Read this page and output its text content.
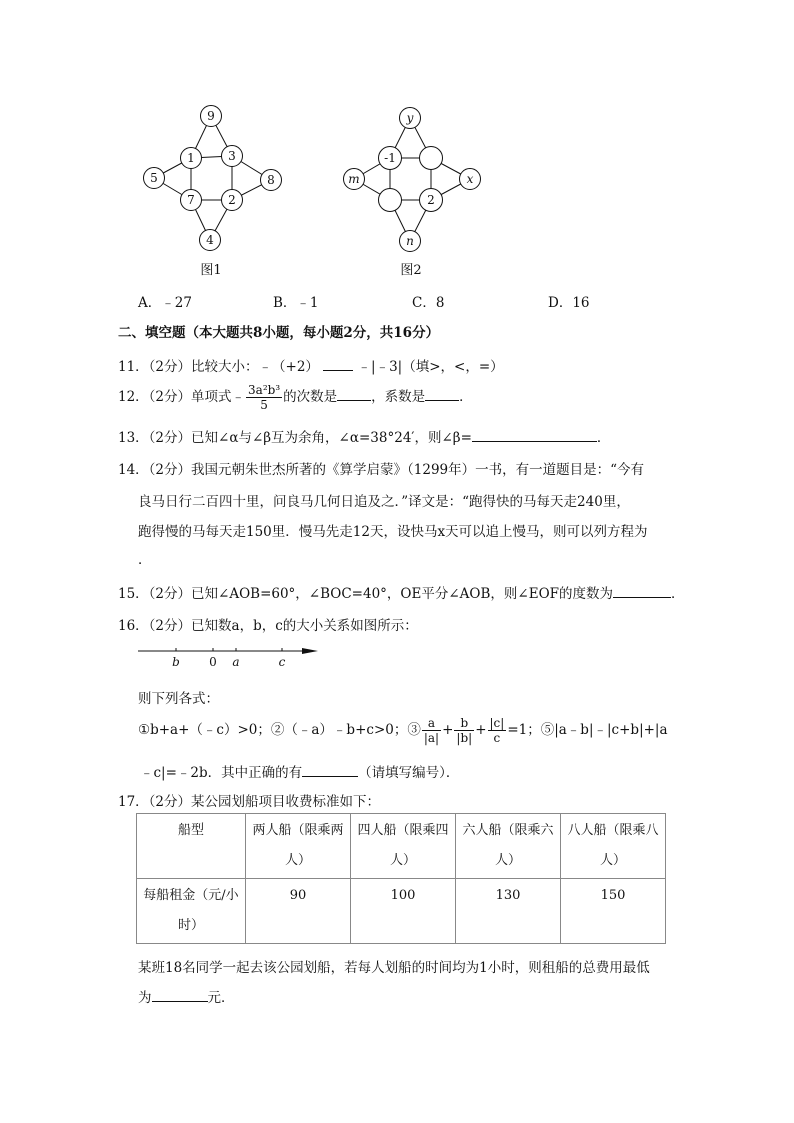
9
1	3
5
7	2
8
4
图1
y
-1
m
2
x
n
图2
A．﹣27	B．﹣1	C．8	D．16
二、填空题（本大题共8小题，每小题2分，共16分）
11．（2分）比较大小：﹣（+2）	﹣|﹣3|（填>，<，=）
12．（2分）单项式﹣ $\frac{\text{3a²b³}}{5}$ 的次数是	，系数是	．
13．（2分）已知∠α与∠β互为余角，∠α=38°24′，则∠β=	．
14．（2分）我国元朝朱世杰所著的《算学启蒙》（1299年）一书，有一道题目是：“今有
良马日行二百四十里，问良马几何日追及之．”译文是：“跑得快的马每天走240里，
跑得慢的马每天走150里．慢马先走12天，设快马x天可以追上慢马，则可以列方程为
．
15．（2分）已知∠AOB=60°，∠BOC=40°，OE平分∠AOB，则∠EOF的度数为	．
16．（2分）已知数a，b，c的大小关系如图所示：
b 0 a	c
则下列各式：
①b+a+（﹣c）>0；②（﹣a）﹣b+c>0；③ $\frac{a}{|a|} + \frac{b}{|b|} + \frac{|c|}{c} =1$；⑤|a﹣b|﹣|c+b|+|a
﹣c|=﹣2b．其中正确的有	（请填写编号）．
17．（2分）某公园划船项目收费标准如下：
船型	两人船（限乘两人）	四人船（限乘四人）	六人船（限乘六人）	八人船（限乘八人）
每船租金（元/小时）	90	100	130	150
某班18名同学一起去该公园划船，若每人划船的时间均为1小时，则租船的总费用最低
为	元．
